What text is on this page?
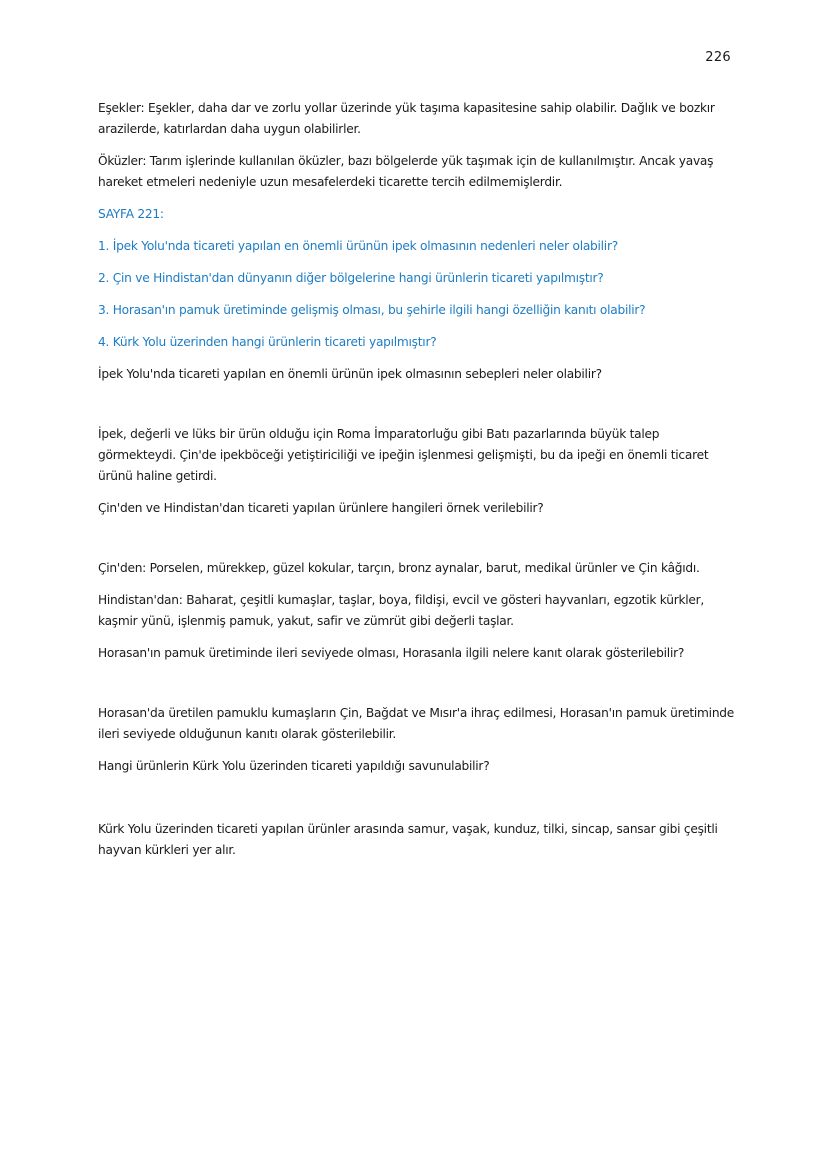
226

Eşekler: Eşekler, daha dar ve zorlu yollar üzerinde yük taşıma kapasitesine sahip olabilir. Dağlık ve bozkır arazilerde, katırlardan daha uygun olabilirler.

Öküzler: Tarım işlerinde kullanılan öküzler, bazı bölgelerde yük taşımak için de kullanılmıştır. Ancak yavaş hareket etmeleri nedeniyle uzun mesafelerdeki ticarette tercih edilmemişlerdir.

SAYFA 221:

1. İpek Yolu'nda ticareti yapılan en önemli ürünün ipek olmasının nedenleri neler olabilir?

2. Çin ve Hindistan'dan dünyanın diğer bölgelerine hangi ürünlerin ticareti yapılmıştır?

3. Horasan'ın pamuk üretiminde gelişmiş olması, bu şehirle ilgili hangi özelliğin kanıtı olabilir?

4. Kürk Yolu üzerinden hangi ürünlerin ticareti yapılmıştır?

İpek Yolu'nda ticareti yapılan en önemli ürünün ipek olmasının sebepleri neler olabilir?

İpek, değerli ve lüks bir ürün olduğu için Roma İmparatorluğu gibi Batı pazarlarında büyük talep görmekteydi. Çin'de ipekböceği yetiştiriciliği ve ipeğin işlenmesi gelişmişti, bu da ipeği en önemli ticaret ürünü haline getirdi.

Çin'den ve Hindistan'dan ticareti yapılan ürünlere hangileri örnek verilebilir?

Çin'den: Porselen, mürekkep, güzel kokular, tarçın, bronz aynalar, barut, medikal ürünler ve Çin kâğıdı.

Hindistan'dan: Baharat, çeşitli kumaşlar, taşlar, boya, fildişi, evcil ve gösteri hayvanları, egzotik kürkler, kaşmir yünü, işlenmiş pamuk, yakut, safir ve zümrüt gibi değerli taşlar.

Horasan'ın pamuk üretiminde ileri seviyede olması, Horasanla ilgili nelere kanıt olarak gösterilebilir?

Horasan'da üretilen pamuklu kumaşların Çin, Bağdat ve Mısır'a ihraç edilmesi, Horasan'ın pamuk üretiminde ileri seviyede olduğunun kanıtı olarak gösterilebilir.

Hangi ürünlerin Kürk Yolu üzerinden ticareti yapıldığı savunulabilir?

Kürk Yolu üzerinden ticareti yapılan ürünler arasında samur, vaşak, kunduz, tilki, sincap, sansar gibi çeşitli hayvan kürkleri yer alır.
